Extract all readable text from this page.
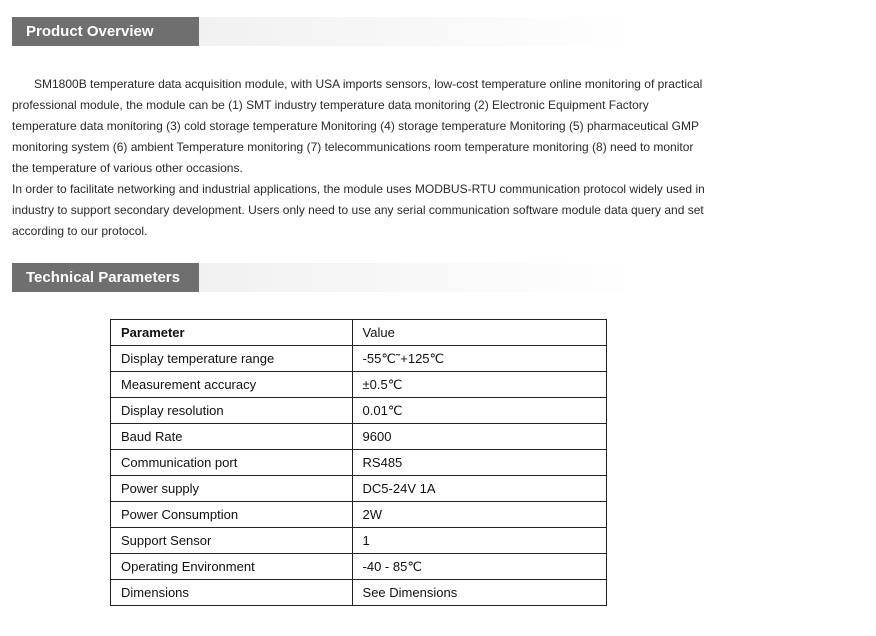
Product Overview
SM1800B temperature data acquisition module, with USA imports sensors, low-cost temperature online monitoring of practical professional module, the module can be (1) SMT industry temperature data monitoring (2) Electronic Equipment Factory temperature data monitoring (3) cold storage temperature Monitoring (4) storage temperature Monitoring (5) pharmaceutical GMP monitoring system (6) ambient Temperature monitoring (7) telecommunications room temperature monitoring (8) need to monitor the temperature of various other occasions.
In order to facilitate networking and industrial applications, the module uses MODBUS-RTU communication protocol widely used in industry to support secondary development. Users only need to use any serial communication software module data query and set according to our protocol.
Technical Parameters
Parameter	Value
Display temperature range	-55℃˜+125℃
Measurement accuracy	±0.5℃
Display resolution	0.01℃
Baud Rate	9600
Communication port	RS485
Power supply	DC5-24V 1A
Power Consumption	2W
Support Sensor	1
Operating Environment	-40 - 85℃
Dimensions	See Dimensions
